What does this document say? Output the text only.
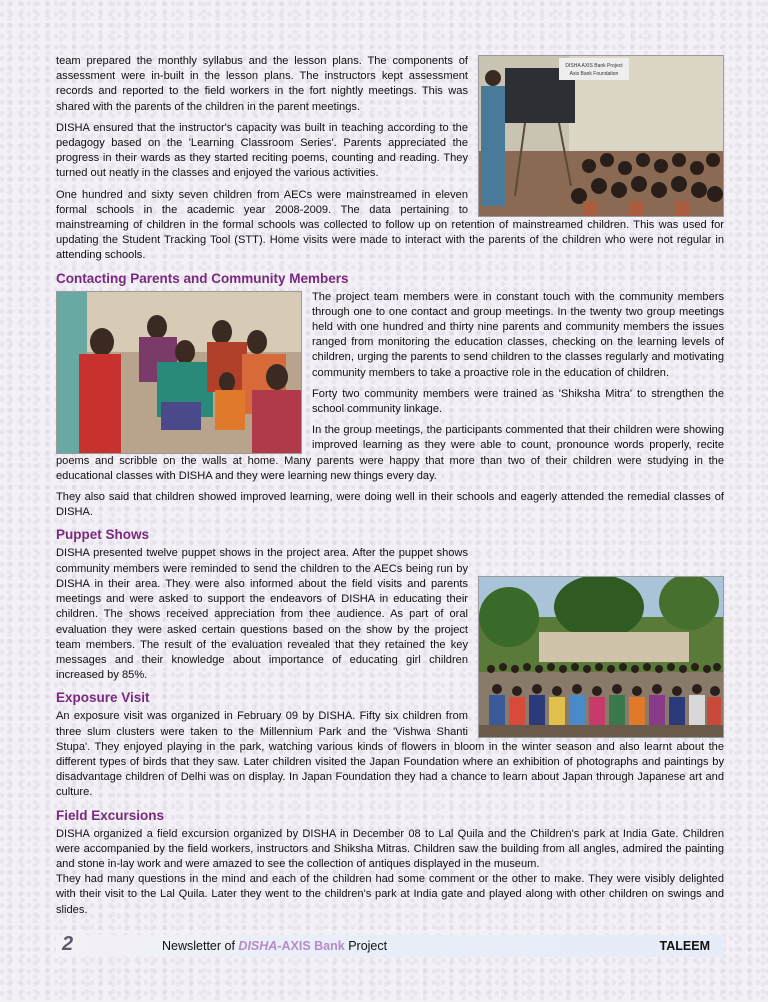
DISHA AXIS Bank Project
Axis Bank Foundation

team prepared the monthly syllabus and the lesson plans. The components of assessment were in-built in the lesson plans. The instructors kept assessment records and reported to the field workers in the fort nightly meetings. This was shared with the parents of the children in the parent meetings.

DISHA ensured that the instructor's capacity was built in teaching according to the pedagogy based on the 'Learning Classroom Series'. Parents appreciated the progress in their wards as they started reciting poems, counting and reading. They turned out neatly in the classes and enjoyed the various activities.

One hundred and sixty seven children from AECs were mainstreamed in eleven formal schools in the academic year 2008-2009. The data pertaining to mainstreaming of children in the formal schools was collected to follow up on retention of mainstreamed children. This was used for updating the Student Tracking Tool (STT). Home visits were made to interact with the parents of the children who were not regular in attending schools.

Contacting Parents and Community Members

The project team members were in constant touch with the community members through one to one contact and group meetings. In the twenty two group meetings held with one hundred and thirty nine parents and community members the issues ranged from monitoring the education classes, checking on the learning levels of children, urging the parents to send children to the classes regularly and motivating community members to take a proactive role in the education of children.

Forty two community members were trained as 'Shiksha Mitra' to strengthen the school community linkage.

In the group meetings, the participants commented that their children were showing improved learning as they were able to count, pronounce words properly, recite poems and scribble on the walls at home. Many parents were happy that more than two of their children were studying in the educational classes with DISHA and they were learning new things every day.

They also said that children showed improved learning, were doing well in their schools and eagerly attended the remedial classes of DISHA.

Puppet Shows

DISHA presented twelve puppet shows in the project area. After the puppet shows community members were reminded to send the children to the AECs being run by DISHA in their area. They were also informed about the field visits and parents meetings and were asked to support the endeavors of DISHA in educating their children. The shows received appreciation from thee audience. As part of oral evaluation they were asked certain questions based on the show by the project team members. The result of the evaluation revealed that they retained the key messages and their knowledge about importance of educating girl children increased by 85%.

Exposure Visit

An exposure visit was organized in February 09 by DISHA. Fifty six children from three slum clusters were taken to the Millennium Park and the 'Vishwa Shanti Stupa'. They enjoyed playing in the park, watching various kinds of flowers in bloom in the winter season and also learnt about the different types of birds that they saw. Later children visited the Japan Foundation where an exhibition of photographs and paintings by disadvantage children of Delhi was on display. In Japan Foundation they had a chance to learn about Japan through Japanese art and culture.

Field Excursions

DISHA organized a field excursion organized by DISHA in December 08 to Lal Quila and the Children's park at India Gate. Children were accompanied by the field workers, instructors and Shiksha Mitras. Children saw the building from all angles, admired the painting and stone in-lay work and were amazed to see the collection of antiques displayed in the museum.

They had many questions in the mind and each of the children had some comment or the other to make. They were visibly delighted with their visit to the Lal Quila. Later they went to the children's park at India gate and played along with other children on swings and slides.

2	Newsletter of DISHA-AXIS Bank Project	TALEEM
